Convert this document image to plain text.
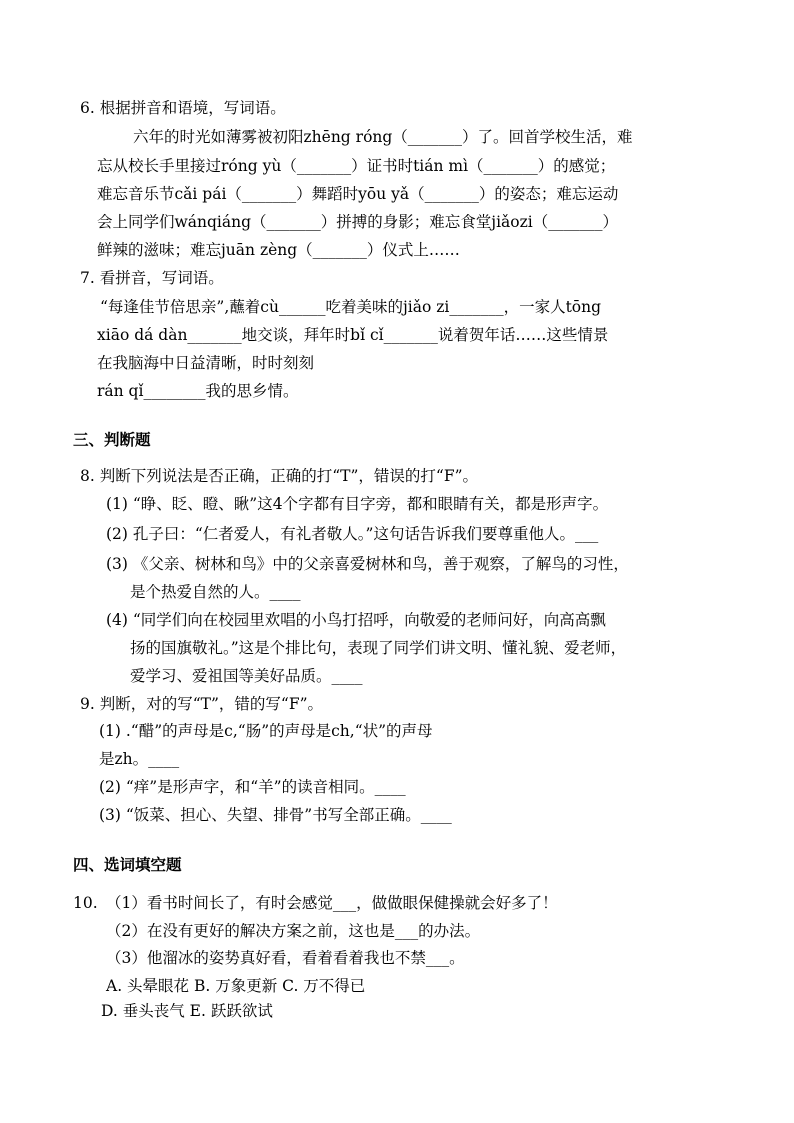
6. 根据拼音和语境，写词语。
六年的时光如薄雾被初阳zhēng róng（_______）了。回首学校生活，难
忘从校长手里接过róng yù（_______）证书时tián mì（_______）的感觉；
难忘音乐节cǎi pái（_______）舞蹈时yōu yǎ（_______）的姿态；难忘运动
会上同学们wánqiáng（_______）拼搏的身影；难忘食堂jiǎozi（_______）
鲜辣的滋味；难忘juān zèng（_______）仪式上……
7. 看拼音，写词语。
“每逢佳节倍思亲”,蘸着cù______吃着美味的jiǎo zi_______，一家人tōng
xiāo dá dàn_______地交谈，拜年时bǐ cǐ_______说着贺年话……这些情景
在我脑海中日益清晰，时时刻刻
rán qǐ________我的思乡情。
三、判断题
8. 判断下列说法是否正确，正确的打“T”，错误的打“F”。
(1) “睁、眨、瞪、瞅”这4个字都有目字旁，都和眼睛有关，都是形声字。
(2) 孔子曰：“仁者爱人，有礼者敬人。”这句话告诉我们要尊重他人。___
(3) 《父亲、树林和鸟》中的父亲喜爱树林和鸟，善于观察，了解鸟的习性，
是个热爱自然的人。____
(4) “同学们向在校园里欢唱的小鸟打招呼，向敬爱的老师问好，向高高飘
扬的国旗敬礼。”这是个排比句，表现了同学们讲文明、懂礼貌、爱老师，
爱学习、爱祖国等美好品质。____
9. 判断，对的写“T”，错的写“F”。
(1) .“醋”的声母是c,“肠”的声母是ch,“状”的声母
是zh。____
(2) “痒”是形声字，和“羊”的读音相同。____
(3) “饭菜、担心、失望、排骨”书写全部正确。____
四、选词填空题
10. （1）看书时间长了，有时会感觉___，做做眼保健操就会好多了！
（2）在没有更好的解决方案之前，这也是___的办法。
（3）他溜冰的姿势真好看，看着看着我也不禁___。
A. 头晕眼花 B. 万象更新 C. 万不得已
D. 垂头丧气 E. 跃跃欲试
